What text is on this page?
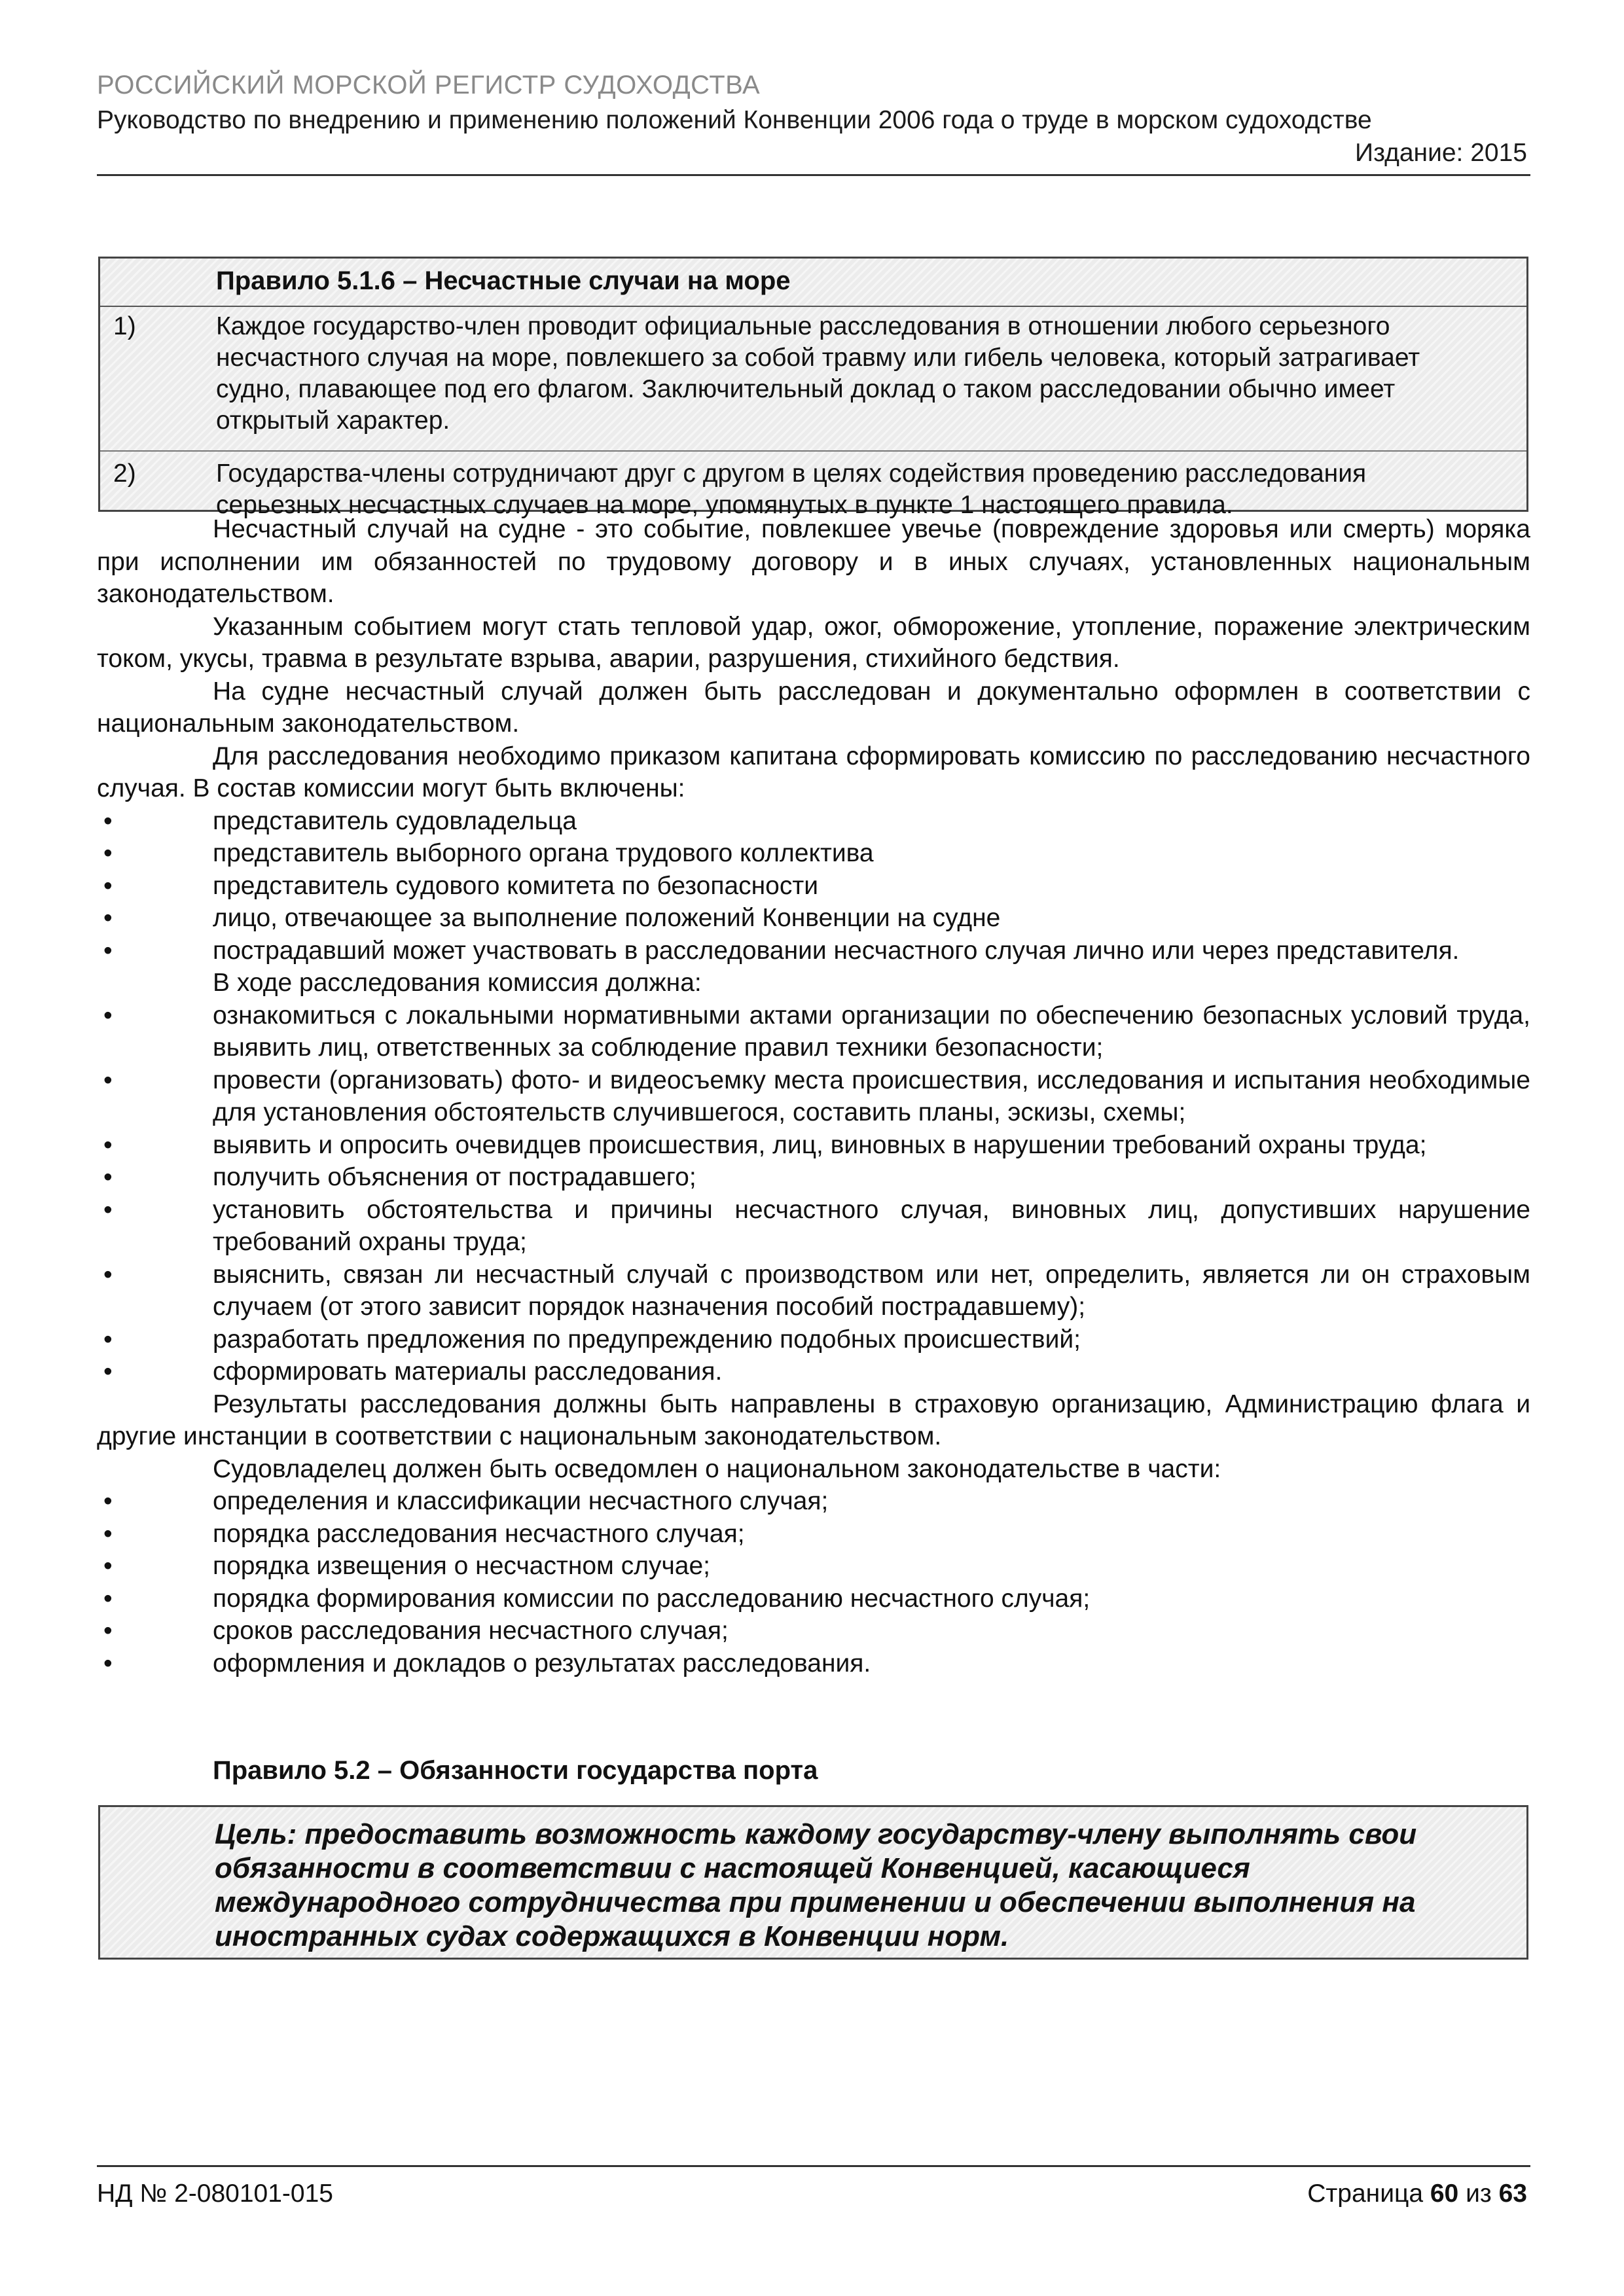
РОССИЙСКИЙ МОРСКОЙ РЕГИСТР СУДОХОДСТВА
Руководство по внедрению и применению положений Конвенции 2006 года о труде в морском судоходстве
Издание: 2015
Правило 5.1.6 – Несчастные случаи на море
1)	Каждое государство-член проводит официальные расследования в отношении любого серьезного несчастного случая на море, повлекшего за собой травму или гибель человека, который затрагивает судно, плавающее под его флагом. Заключительный доклад о таком расследовании обычно имеет открытый характер.
2)	Государства-члены сотрудничают друг с другом в целях содействия проведению расследования серьезных несчастных случаев на море, упомянутых в пункте 1 настоящего правила.

Несчастный случай на судне - это событие, повлекшее увечье (повреждение здоровья или смерть) моряка при исполнении им обязанностей по трудовому договору и в иных случаях, установленных национальным законодательством.

Указанным событием могут стать тепловой удар, ожог, обморожение, утопление, поражение электрическим током, укусы, травма в результате взрыва, аварии, разрушения, стихийного бедствия.

На судне несчастный случай должен быть расследован и документально оформлен в соответствии с национальным законодательством.

Для расследования необходимо приказом капитана сформировать комиссию по расследованию несчастного случая. В состав комиссии могут быть включены:

• представитель судовладельца
• представитель выборного органа трудового коллектива
• представитель судового комитета по безопасности
• лицо, отвечающее за выполнение положений Конвенции на судне
• пострадавший может участвовать в расследовании несчастного случая лично или через представителя.

В ходе расследования комиссия должна:

• ознакомиться с локальными нормативными актами организации по обеспечению безопасных условий труда, выявить лиц, ответственных за соблюдение правил техники безопасности;
• провести (организовать) фото- и видеосъемку места происшествия, исследования и испытания необходимые для установления обстоятельств случившегося, составить планы, эскизы, схемы;
• выявить и опросить очевидцев происшествия, лиц, виновных в нарушении требований охраны труда;
• получить объяснения от пострадавшего;
• установить обстоятельства и причины несчастного случая, виновных лиц, допустивших нарушение требований охраны труда;
• выяснить, связан ли несчастный случай с производством или нет, определить, является ли он страховым случаем (от этого зависит порядок назначения пособий пострадавшему);
• разработать предложения по предупреждению подобных происшествий;
• сформировать материалы расследования.

Результаты расследования должны быть направлены в страховую организацию, Администрацию флага и другие инстанции в соответствии с национальным законодательством.

Судовладелец должен быть осведомлен о национальном законодательстве в части:

• определения и классификации несчастного случая;
• порядка расследования несчастного случая;
• порядка извещения о несчастном случае;
• порядка формирования комиссии по расследованию несчастного случая;
• сроков расследования несчастного случая;
• оформления и докладов о результатах расследования.
Правило 5.2 – Обязанности государства порта
Цель: предоставить возможность каждому государству-члену выполнять свои обязанности в соответствии с настоящей Конвенцией, касающиеся международного сотрудничества при применении и обеспечении выполнения на иностранных судах содержащихся в Конвенции норм.
НД № 2-080101-015	Страница 60 из 63
